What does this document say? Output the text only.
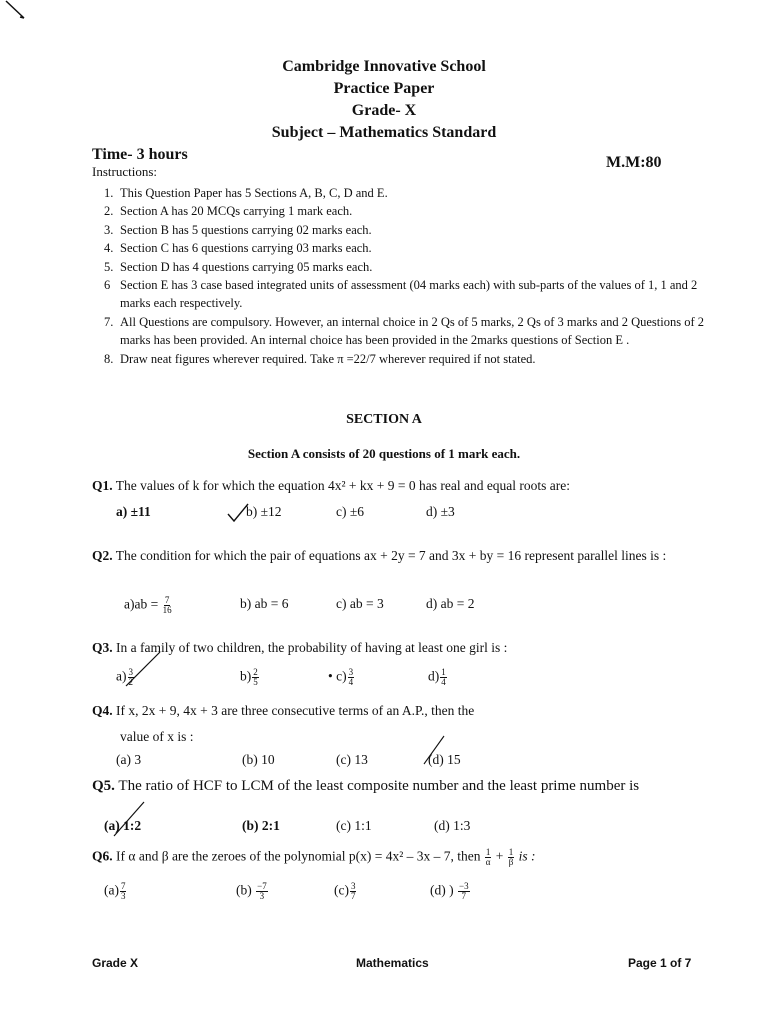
Cambridge Innovative School
Practice Paper
Grade- X
Subject – Mathematics Standard
Time- 3 hours	M.M:80
Instructions:
1. This Question Paper has 5 Sections A, B, C, D and E.
2. Section A has 20 MCQs carrying 1 mark each.
3. Section B has 5 questions carrying 02 marks each.
4. Section C has 6 questions carrying 03 marks each.
5. Section D has 4 questions carrying 05 marks each.
6 Section E has 3 case based integrated units of assessment (04 marks each) with sub-parts of the values of 1, 1 and 2 marks each respectively.
7. All Questions are compulsory. However, an internal choice in 2 Qs of 5 marks, 2 Qs of 3 marks and 2 Questions of 2 marks has been provided. An internal choice has been provided in the 2marks questions of Section E .
8. Draw neat figures wherever required. Take π =22/7 wherever required if not stated.
SECTION A
Section A consists of 20 questions of 1 mark each.
Q1. The values of k for which the equation 4x² + kx + 9 = 0 has real and equal roots are:
a) ±11	b) ±12	c) ±6	d) ±3
Q2. The condition for which the pair of equations ax + 2y = 7 and 3x + by = 16 represent parallel lines is :
$a)ab = \frac{7}{16}$	b) ab = 6	c) ab = 3	d) ab = 2
Q3. In a family of two children, the probability of having at least one girl is :
$a) \frac{3}{2}$	$b) \frac{2}{5}$	• $c) \frac{3}{4}$	$d) \frac{1}{4}$
Q4. If x, 2x + 9, 4x + 3 are three consecutive terms of an A.P., then the
value of x is :
(a) 3	(b) 10	(c) 13	(d) 15
Q5. The ratio of HCF to LCM of the least composite number and the least prime number is
(a) 1:2	(b) 2:1	(c) 1:1	(d) 1:3
Q6. If α and β are the zeroes of the polynomial p(x) = 4x² – 3x – 7, then $\frac{1}{\alpha} + \frac{1}{\beta}$ is :
$(a) \frac{7}{3}$	$(b) \frac{-7}{3}$	$(c) \frac{3}{7}$	(d) ) $\frac{-3}{7}$
Grade X	Mathematics	Page 1 of 7
